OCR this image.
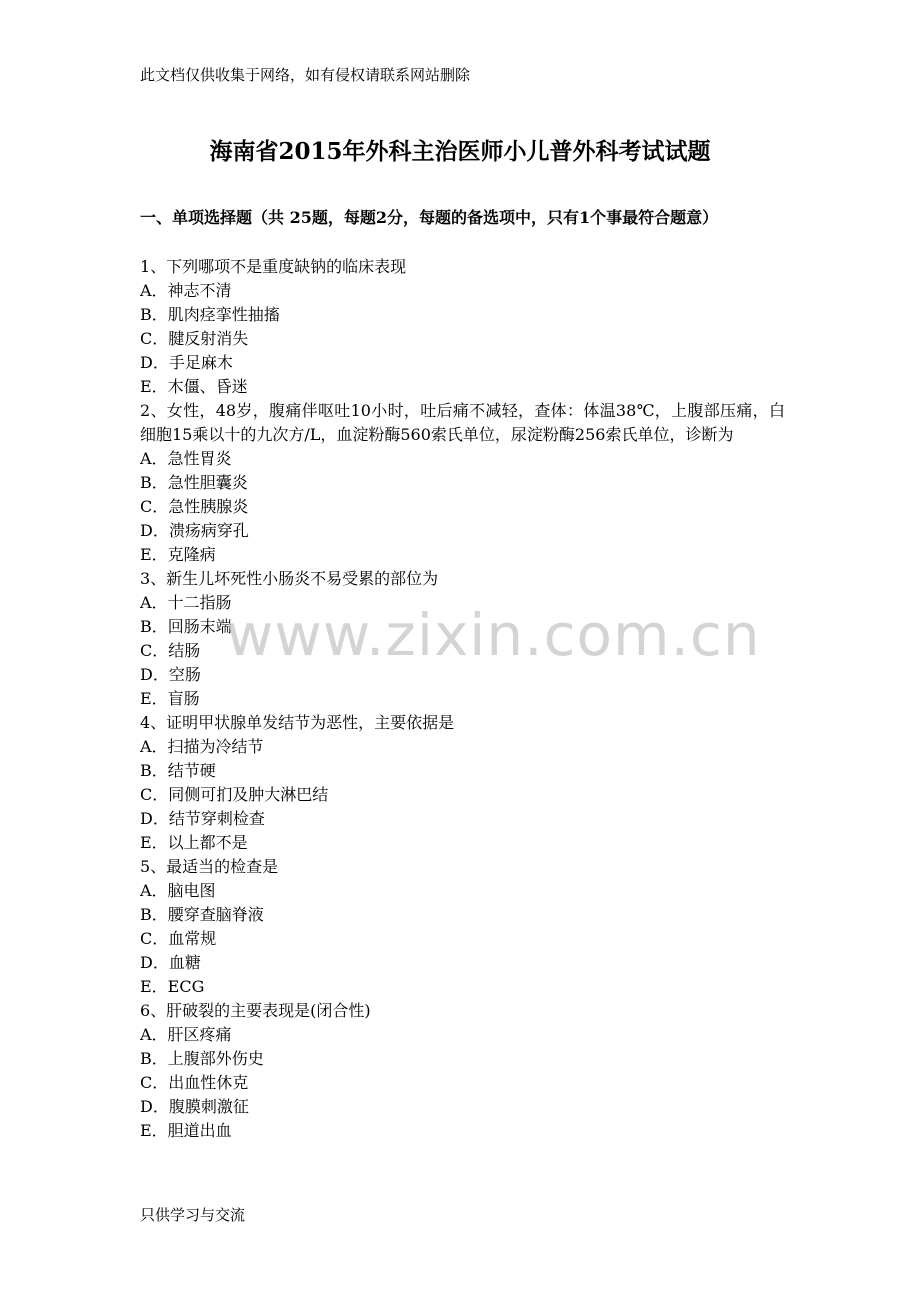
此文档仅供收集于网络，如有侵权请联系网站删除
海南省2015年外科主治医师小儿普外科考试试题
一、单项选择题（共 25题，每题2分，每题的备选项中，只有1个事最符合题意）
1、下列哪项不是重度缺钠的临床表现
A．神志不清
B．肌肉痉挛性抽搐
C．腱反射消失
D．手足麻木
E．木僵、昏迷
2、女性，48岁，腹痛伴呕吐10小时，吐后痛不减轻，查体：体温38℃，上腹部压痛，白细胞15乘以十的九次方/L，血淀粉酶560索氏单位，尿淀粉酶256索氏单位，诊断为
A．急性胃炎
B．急性胆囊炎
C．急性胰腺炎
D．溃疡病穿孔
E．克隆病
3、新生儿坏死性小肠炎不易受累的部位为
A．十二指肠
B．回肠末端
C．结肠
D．空肠
E．盲肠
4、证明甲状腺单发结节为恶性，主要依据是
A．扫描为冷结节
B．结节硬
C．同侧可扪及肿大淋巴结
D．结节穿刺检查
E．以上都不是
5、最适当的检查是
A．脑电图
B．腰穿查脑脊液
C．血常规
D．血糖
E．ECG
6、肝破裂的主要表现是(闭合性)
A．肝区疼痛
B．上腹部外伤史
C．出血性休克
D．腹膜刺激征
E．胆道出血
www.zixin.com.cn
只供学习与交流
